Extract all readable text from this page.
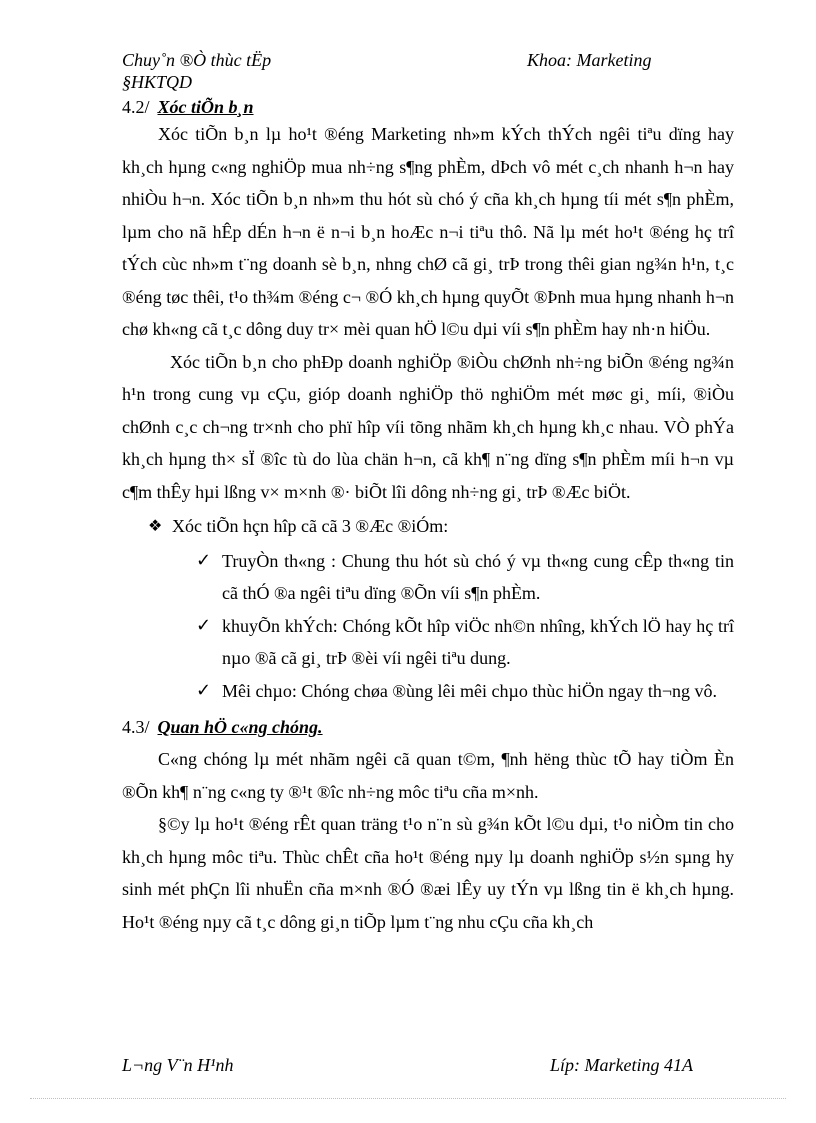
Chuy˚n ®Ò thùc tËp
§HKTQD
Khoa: Marketing
4.2/ Xóc tiÕn b¸n

Xóc tiÕn b¸n lµ ho¹t ®éng Marketing nh»m kÝch thÝch ngêi tiªu dïng hay kh¸ch hµng c«ng nghiÖp mua nh÷ng s¶ng phÈm, dÞch vô mét c¸ch nhanh h¬n hay nhiÒu h¬n. Xóc tiÕn b¸n nh»m thu hót sù chó ý cña kh¸ch hµng tíi mét s¶n phÈm, lµm cho nã hÊp dÉn h¬n ë n¬i b¸n hoÆc n¬i tiªu thô. Nã lµ mét ho¹t ®éng hç trî tÝch cùc nh»m t¨ng doanh sè b¸n, nhng chØ cã gi¸ trÞ trong thêi gian ng¾n h¹n, t¸c ®éng tøc thêi, t¹o th¾m ®éng c¬ ®Ó kh¸ch hµng quyÕt ®Þnh mua hµng nhanh h¬n chø kh«ng cã t¸c dông duy tr× mèi quan hÖ l©u dµi víi s¶n phÈm hay nh·n hiÖu.

Xóc tiÕn b¸n cho phÐp doanh nghiÖp ®iÒu chØnh nh÷ng biÕn ®éng ng¾n h¹n trong cung vµ cÇu, gióp doanh nghiÖp thö nghiÖm mét møc gi¸ míi, ®iÒu chØnh c¸c ch¬ng tr×nh cho phï hîp víi tõng nhãm kh¸ch hµng kh¸c nhau. VÒ phÝa kh¸ch hµng th× sÏ ®îc tù do lùa chän h¬n, cã kh¶ n¨ng dïng s¶n phÈm míi h¬n vµ c¶m thÊy hµi lßng v× m×nh ®· biÕt lîi dông nh÷ng gi¸ trÞ ®Æc biÖt.

❖ Xóc tiÕn hçn hîp cã cã 3 ®Æc ®iÓm:
✓ TruyÒn th«ng : Chung thu hót sù chó ý vµ th«ng cung cÊp th«ng tin cã thÓ ®a ngêi tiªu dïng ®Õn víi s¶n phÈm.
✓ khuyÕn khÝch: Chóng kÕt hîp viÖc nh©n nhîng, khÝch lÖ hay hç trî nµo ®ã cã gi¸ trÞ ®èi víi ngêi tiªu dung.
✓ Mêi chµo: Chóng chøa ®ùng lêi mêi chµo thùc hiÖn ngay th¬ng vô.
4.3/ Quan hÖ c«ng chóng.

C«ng chóng lµ mét nhãm ngêi cã quan t©m, ¶nh hëng thùc tÕ hay tiÒm Èn ®Õn kh¶ n¨ng c«ng ty ®¹t ®îc nh÷ng môc tiªu cña m×nh.

§©y lµ ho¹t ®éng rÊt quan träng t¹o n¨n sù g¾n kÕt l©u dµi, t¹o niÒm tin cho kh¸ch hµng môc tiªu. Thùc chÊt cña ho¹t ®éng nµy lµ doanh nghiÖp s½n sµng hy sinh mét phÇn lîi nhuËn cña m×nh ®Ó ®æi lÊy uy tÝn vµ lßng tin ë kh¸ch hµng. Ho¹t ®éng nµy cã t¸c dông gi¸n tiÕp lµm t¨ng nhu cÇu cña kh¸ch

L¬ng V¨n H¹nh	Líp: Marketing 41A
